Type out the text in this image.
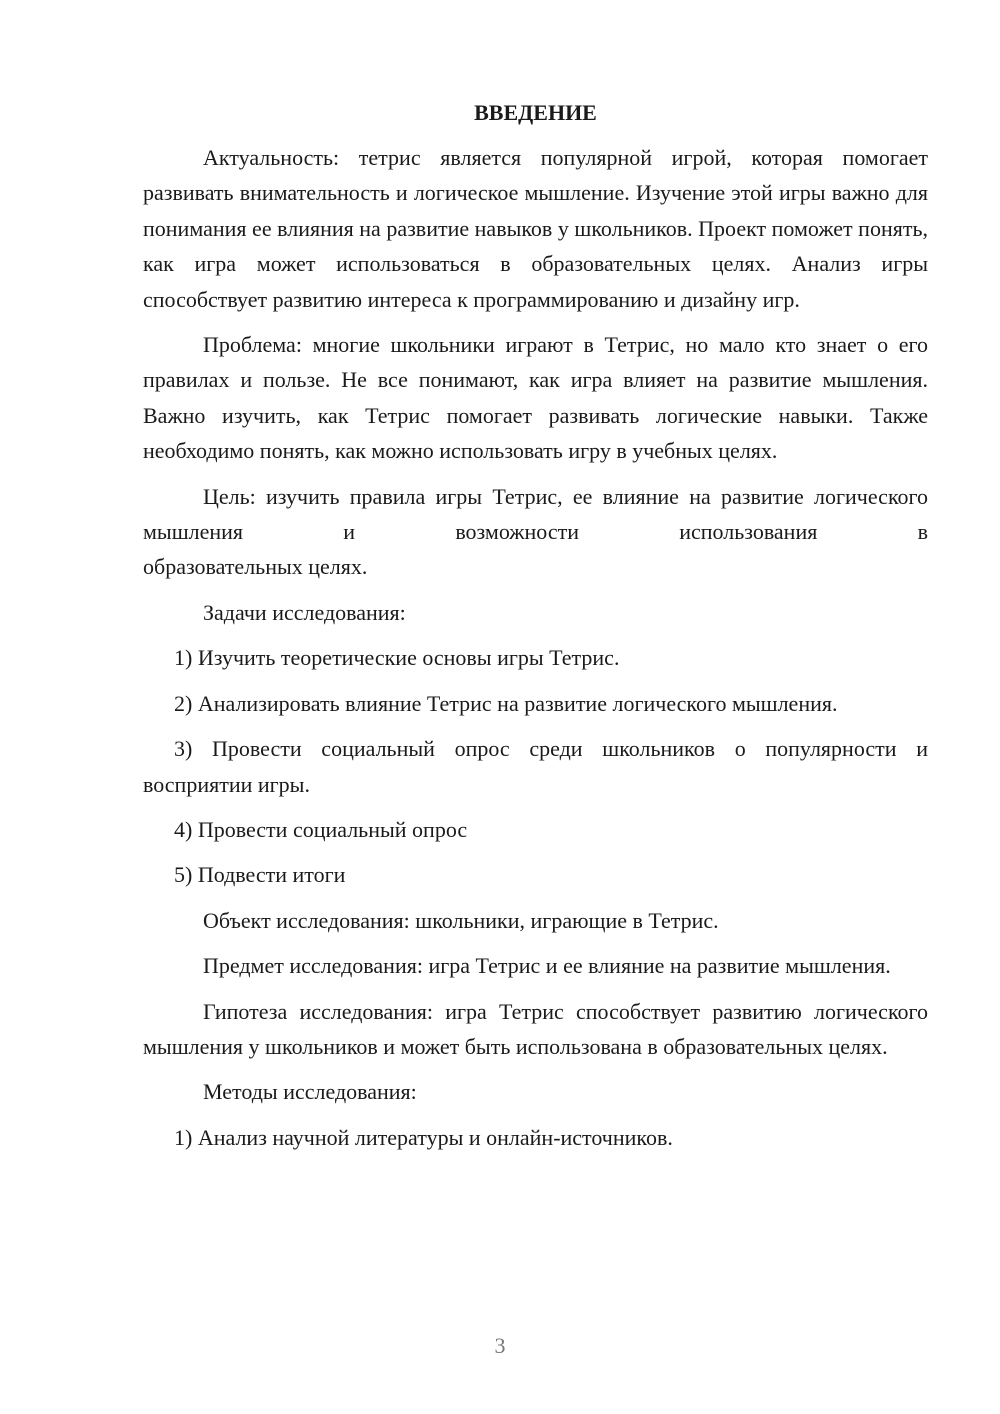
ВВЕДЕНИЕ

Актуальность: тетрис является популярной игрой, которая помогает развивать внимательность и логическое мышление. Изучение этой игры важно для понимания ее влияния на развитие навыков у школьников. Проект поможет понять, как игра может использоваться в образовательных целях. Анализ игры способствует развитию интереса к программированию и дизайну игр.

Проблема: многие школьники играют в Тетрис, но мало кто знает о его правилах и пользе. Не все понимают, как игра влияет на развитие мышления. Важно изучить, как Тетрис помогает развивать логические навыки. Также необходимо понять, как можно использовать игру в учебных целях.

Цель: изучить правила игры Тетрис, ее влияние на развитие логического мышления и возможности использования в
образовательных целях.

Задачи исследования:

1) Изучить теоретические основы игры Тетрис.

2) Анализировать влияние Тетрис на развитие логического мышления.

3) Провести социальный опрос среди школьников о популярности и восприятии игры.

4) Провести социальный опрос

5) Подвести итоги

Объект исследования: школьники, играющие в Тетрис.

Предмет исследования: игра Тетрис и ее влияние на развитие мышления.

Гипотеза исследования: игра Тетрис способствует развитию логического мышления у школьников и может быть использована в образовательных целях.

Методы исследования:

1) Анализ научной литературы и онлайн-источников.

3
